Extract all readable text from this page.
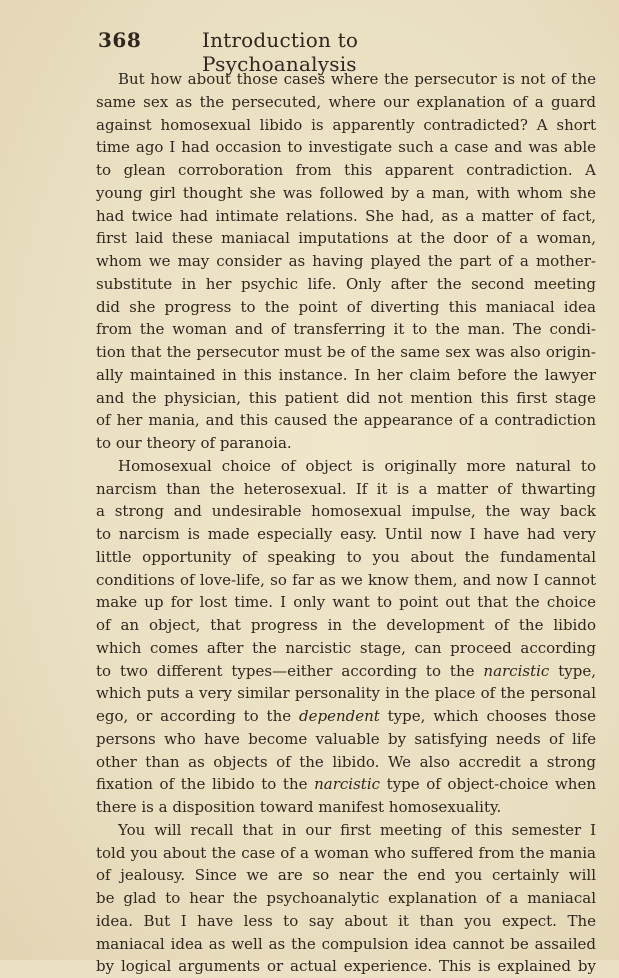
368	Introduction to Psychoanalysis
But how about those cases where the persecutor is not of the
same sex as the persecuted, where our explanation of a guard
against homosexual libido is apparently contradicted? A short
time ago I had occasion to investigate such a case and was able
to glean corroboration from this apparent contradiction. A
young girl thought she was followed by a man, with whom she
had twice had intimate relations. She had, as a matter of fact,
first laid these maniacal imputations at the door of a woman,
whom we may consider as having played the part of a mother-
substitute in her psychic life. Only after the second meeting
did she progress to the point of diverting this maniacal idea
from the woman and of transferring it to the man. The condi-
tion that the persecutor must be of the same sex was also origin-
ally maintained in this instance. In her claim before the lawyer
and the physician, this patient did not mention this first stage
of her mania, and this caused the appearance of a contradiction
to our theory of paranoia.
Homosexual choice of object is originally more natural to
narcism than the heterosexual. If it is a matter of thwarting
a strong and undesirable homosexual impulse, the way back
to narcism is made especially easy. Until now I have had very
little opportunity of speaking to you about the fundamental
conditions of love-life, so far as we know them, and now I cannot
make up for lost time. I only want to point out that the choice
of an object, that progress in the development of the libido
which comes after the narcistic stage, can proceed according
to two different types—either according to the narcistic type,
which puts a very similar personality in the place of the personal
ego, or according to the dependent type, which chooses those
persons who have become valuable by satisfying needs of life
other than as objects of the libido. We also accredit a strong
fixation of the libido to the narcistic type of object-choice when
there is a disposition toward manifest homosexuality.
You will recall that in our first meeting of this semester I
told you about the case of a woman who suffered from the mania
of jealousy. Since we are so near the end you certainly will
be glad to hear the psychoanalytic explanation of a maniacal
idea. But I have less to say about it than you expect. The
maniacal idea as well as the compulsion idea cannot be assailed
by logical arguments or actual experience. This is explained by
